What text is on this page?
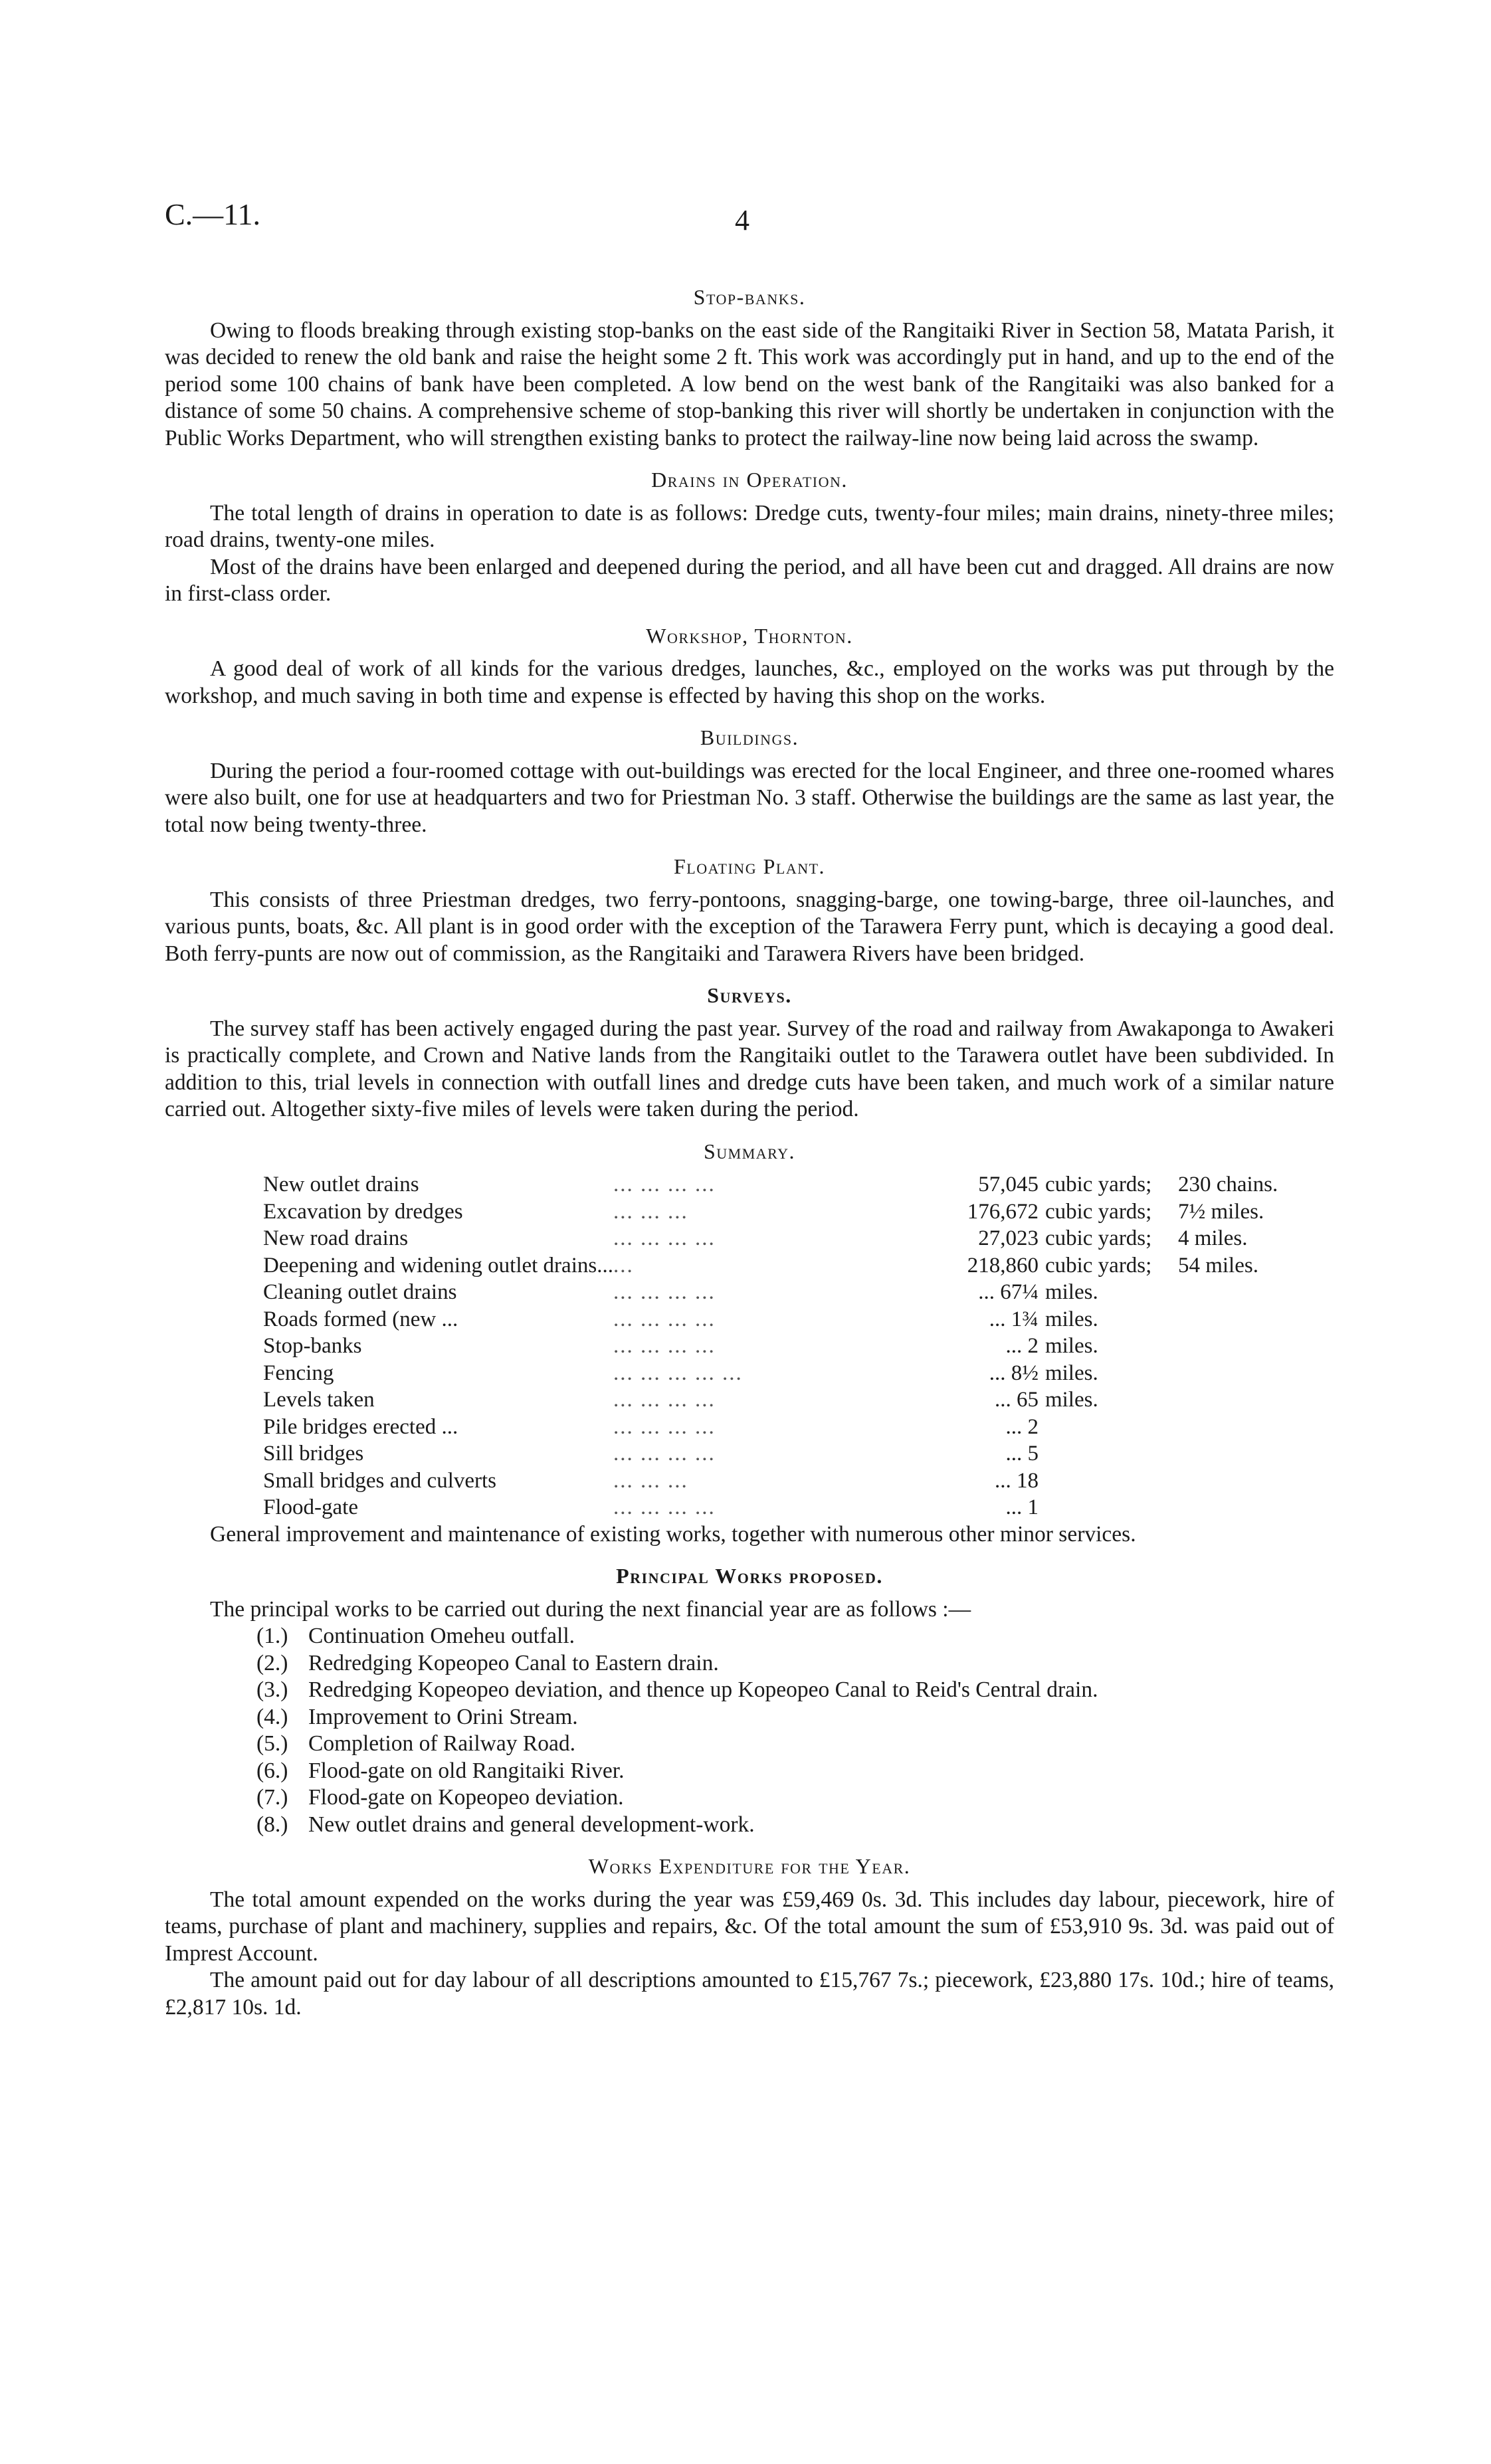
C.—11.	4
Stop-banks.

Owing to floods breaking through existing stop-banks on the east side of the Rangitaiki River in Section 58, Matata Parish, it was decided to renew the old bank and raise the height some 2 ft. This work was accordingly put in hand, and up to the end of the period some 100 chains of bank have been completed. A low bend on the west bank of the Rangitaiki was also banked for a distance of some 50 chains. A comprehensive scheme of stop-banking this river will shortly be undertaken in conjunction with the Public Works Department, who will strengthen existing banks to protect the railway-line now being laid across the swamp.

Drains in Operation.

The total length of drains in operation to date is as follows: Dredge cuts, twenty-four miles; main drains, ninety-three miles; road drains, twenty-one miles.

Most of the drains have been enlarged and deepened during the period, and all have been cut and dragged. All drains are now in first-class order.

Workshop, Thornton.

A good deal of work of all kinds for the various dredges, launches, &c., employed on the works was put through by the workshop, and much saving in both time and expense is effected by having this shop on the works.

Buildings.

During the period a four-roomed cottage with out-buildings was erected for the local Engineer, and three one-roomed whares were also built, one for use at headquarters and two for Priestman No. 3 staff. Otherwise the buildings are the same as last year, the total now being twenty-three.

Floating Plant.

This consists of three Priestman dredges, two ferry-pontoons, snagging-barge, one towing-barge, three oil-launches, and various punts, boats, &c. All plant is in good order with the exception of the Tarawera Ferry punt, which is decaying a good deal. Both ferry-punts are now out of commission, as the Rangitaiki and Tarawera Rivers have been bridged.

Surveys.

The survey staff has been actively engaged during the past year. Survey of the road and railway from Awakaponga to Awakeri is practically complete, and Crown and Native lands from the Rangitaiki outlet to the Tarawera outlet have been subdivided. In addition to this, trial levels in connection with outfall lines and dredge cuts have been taken, and much work of a similar nature carried out. Altogether sixty-five miles of levels were taken during the period.

Summary.
New outlet drains	... ... ... ...	57,045	cubic yards;	230 chains.
Excavation by dredges	... ... ...	176,672	cubic yards;	7½ miles.
New road drains	... ... ... ...	27,023	cubic yards;	4 miles.
Deepening and widening outlet drains...	...	218,860	cubic yards;	54 miles.
Cleaning outlet drains	... ... ... ...	... 67¼	miles.	
Roads formed (new ...	... ... ... ...	... 1¾	miles.	
Stop-banks	... ... ... ...	... 2	miles.	
Fencing	... ... ... ... ...	... 8½	miles.	
Levels taken	... ... ... ...	... 65	miles.	
Pile bridges erected ...	... ... ... ...	... 2		
Sill bridges	... ... ... ...	... 5		
Small bridges and culverts	... ... ...	... 18		
Flood-gate	... ... ... ...	... 1		

General improvement and maintenance of existing works, together with numerous other minor services.

Principal Works proposed.

The principal works to be carried out during the next financial year are as follows :—

(1.) Continuation Omeheu outfall.
(2.) Redredging Kopeopeo Canal to Eastern drain.
(3.) Redredging Kopeopeo deviation, and thence up Kopeopeo Canal to Reid's Central drain.
(4.) Improvement to Orini Stream.
(5.) Completion of Railway Road.
(6.) Flood-gate on old Rangitaiki River.
(7.) Flood-gate on Kopeopeo deviation.
(8.) New outlet drains and general development-work.
Works Expenditure for the Year.

The total amount expended on the works during the year was £59,469 0s. 3d. This includes day labour, piecework, hire of teams, purchase of plant and machinery, supplies and repairs, &c. Of the total amount the sum of £53,910 9s. 3d. was paid out of Imprest Account.

The amount paid out for day labour of all descriptions amounted to £15,767 7s.; piecework, £23,880 17s. 10d.; hire of teams, £2,817 10s. 1d.
